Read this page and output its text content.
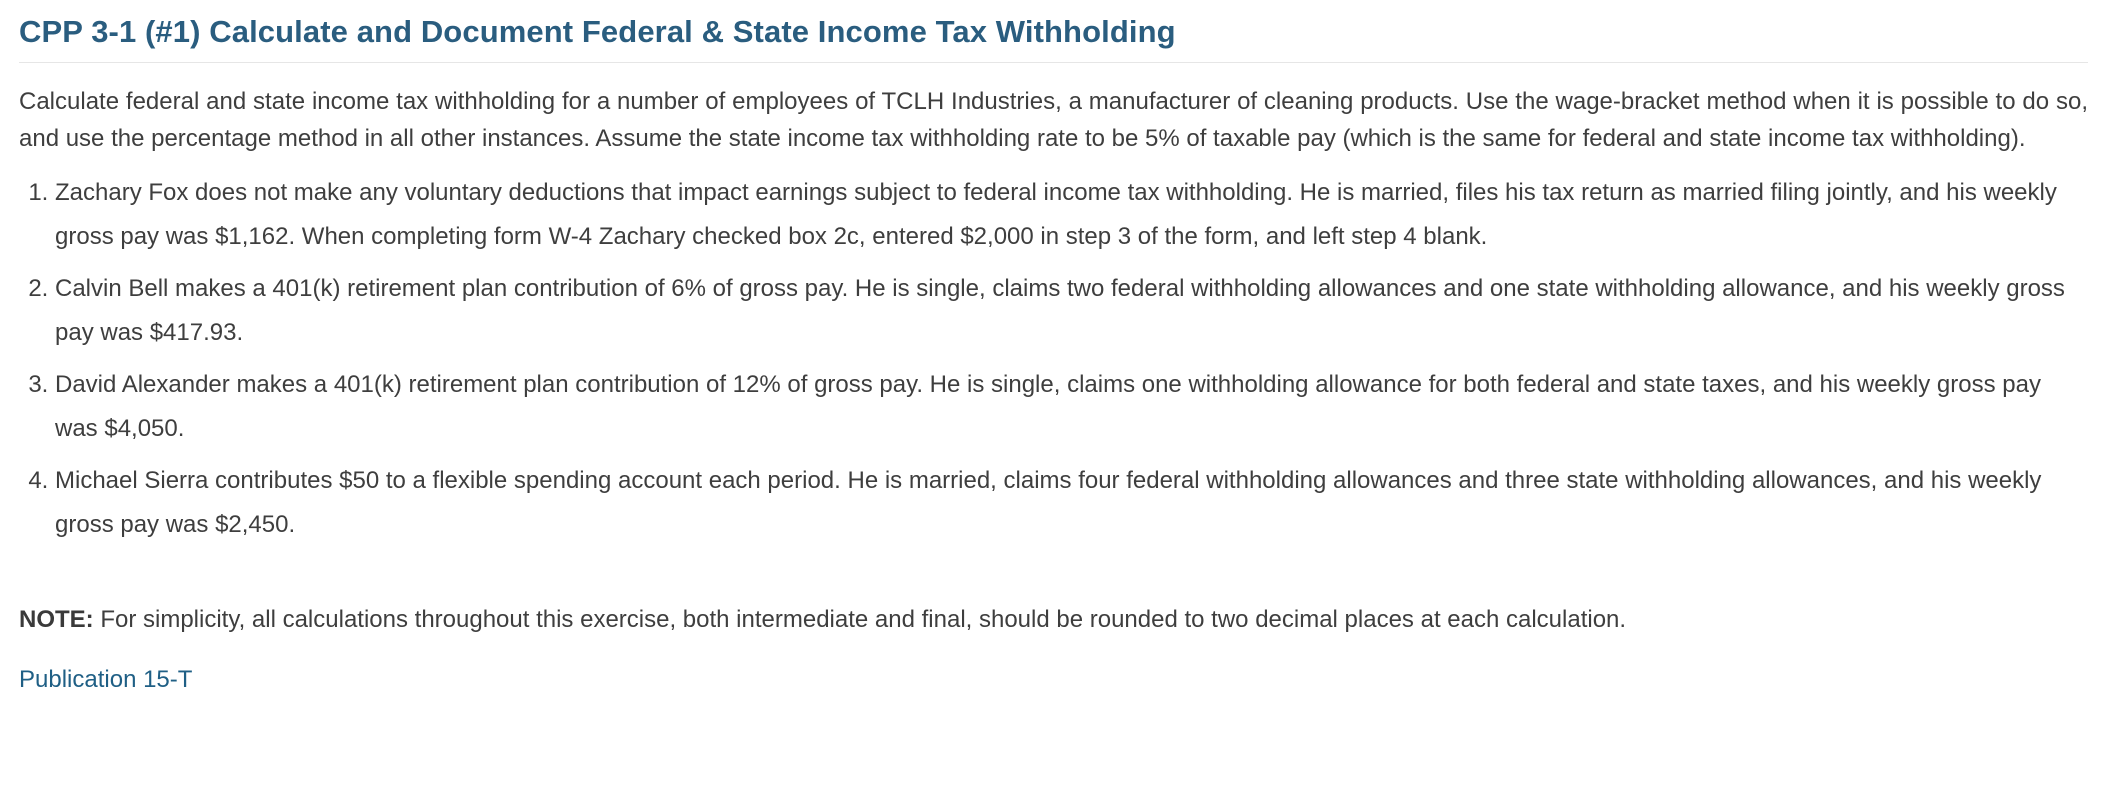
CPP 3-1 (#1) Calculate and Document Federal & State Income Tax Withholding

Calculate federal and state income tax withholding for a number of employees of TCLH Industries, a manufacturer of cleaning products. Use the wage-bracket method when it is possible to do so, and use the percentage method in all other instances. Assume the state income tax withholding rate to be 5% of taxable pay (which is the same for federal and state income tax withholding).

1. Zachary Fox does not make any voluntary deductions that impact earnings subject to federal income tax withholding. He is married, files his tax return as married filing jointly, and his weekly gross pay was $1,162. When completing form W-4 Zachary checked box 2c, entered $2,000 in step 3 of the form, and left step 4 blank.
2. Calvin Bell makes a 401(k) retirement plan contribution of 6% of gross pay. He is single, claims two federal withholding allowances and one state withholding allowance, and his weekly gross pay was $417.93.
3. David Alexander makes a 401(k) retirement plan contribution of 12% of gross pay. He is single, claims one withholding allowance for both federal and state taxes, and his weekly gross pay was $4,050.
4. Michael Sierra contributes $50 to a flexible spending account each period. He is married, claims four federal withholding allowances and three state withholding allowances, and his weekly gross pay was $2,450.

NOTE: For simplicity, all calculations throughout this exercise, both intermediate and final, should be rounded to two decimal places at each calculation.

Publication 15-T
